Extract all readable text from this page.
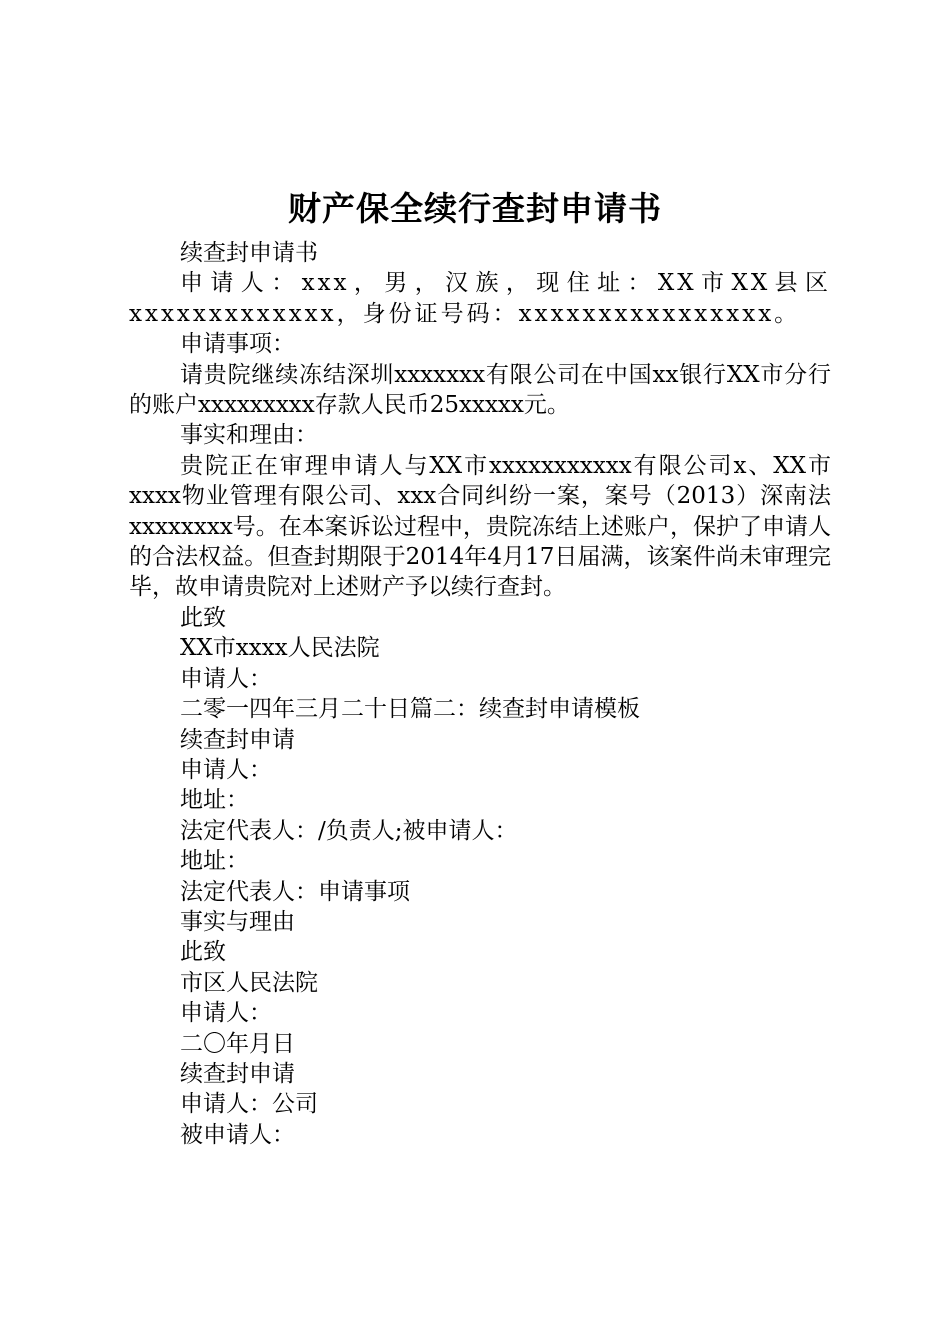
财产保全续行查封申请书

续查封申请书

申请人：xxx，男，汉族，现住址：XX市XX县区xxxxxxxxxxxxx，身份证号码：xxxxxxxxxxxxxxxx。

申请事项：

请贵院继续冻结深圳xxxxxxx有限公司在中国xx银行XX市分行的账户xxxxxxxxx存款人民币25xxxxx元。

事实和理由：

贵院正在审理申请人与XX市xxxxxxxxxxx有限公司x、XX市xxxx物业管理有限公司、xxx合同纠纷一案，案号（2013）深南法xxxxxxxx号。在本案诉讼过程中，贵院冻结上述账户，保护了申请人的合法权益。但查封期限于2014年4月17日届满，该案件尚未审理完毕，故申请贵院对上述财产予以续行查封。

此致

XX市xxxx人民法院

申请人：

二零一四年三月二十日篇二：续查封申请模板

续查封申请

申请人：

地址：

法定代表人：/负责人;被申请人：

地址：

法定代表人：申请事项

事实与理由

此致

市区人民法院

申请人：

二〇年月日

续查封申请

申请人：公司

被申请人：
